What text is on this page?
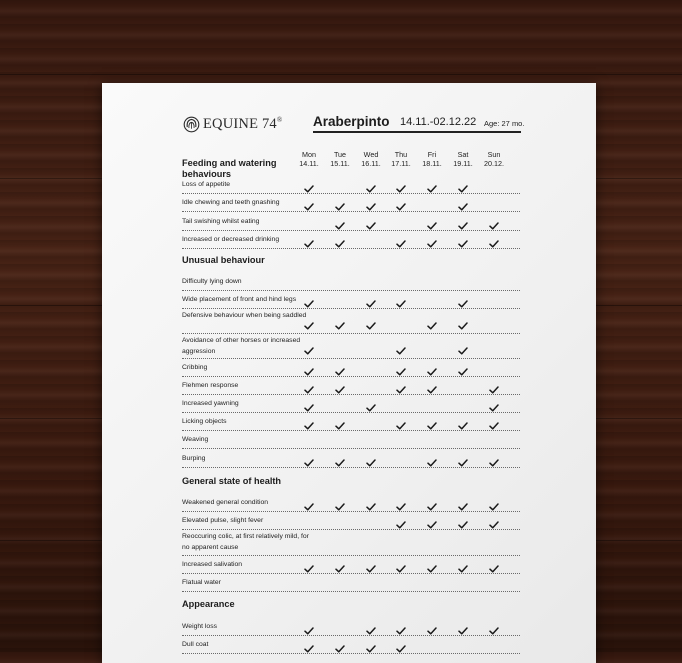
EQUINE 74® Araberpinto 14.11.-02.12.22 Age: 27 mo.
Mon
14.11.
Tue
15.11.
Wed
16.11.
Thu
17.11.
Fri
18.11.
Sat
19.11.
Sun
20.12.
Feeding and watering behaviours
Loss of appetite
Idle chewing and teeth gnashing
Tail swishing whilst eating
Increased or decreased drinking
Unusual behaviour
Difficulty lying down
Wide placement of front and hind legs
Defensive behaviour when being saddled
Avoidance of other horses or increased aggression
Cribbing
Flehmen response
Increased yawning
Licking objects
Weaving
Burping
General state of health
Weakened general condition
Elevated pulse, slight fever
Reoccuring colic, at first relatively mild, for no apparent cause
Increased salivation
Flatual water
Appearance
Weight loss
Dull coat
